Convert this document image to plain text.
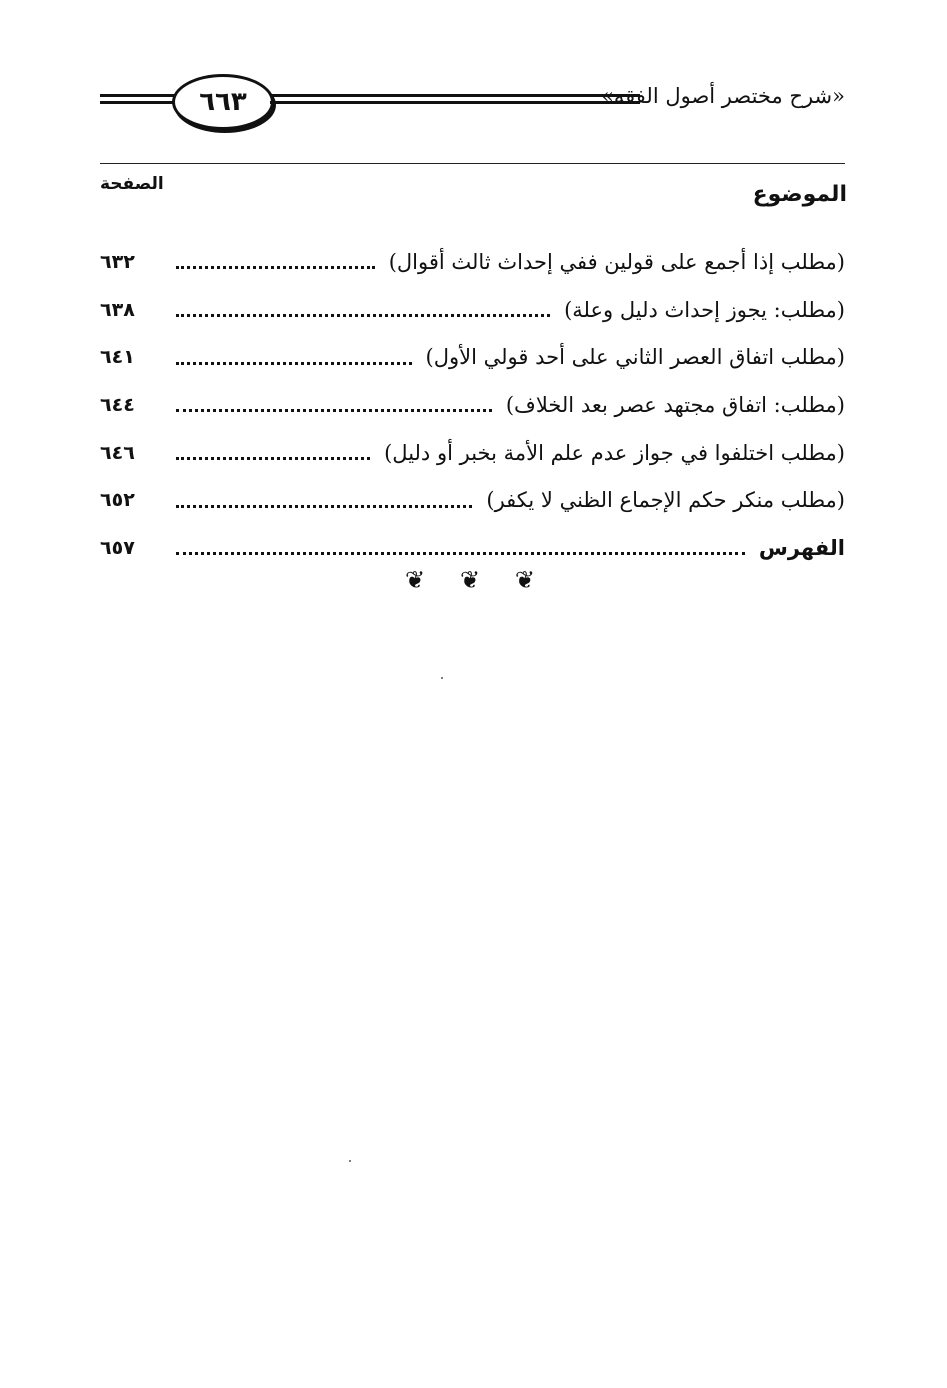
٦٦٣	«شرح مختصر أصول الفقه»
الموضوع
الصفحة
(مطلب إذا أجمع على قولين ففي إحداث ثالث أقوال)
٦٣٢
(مطلب: يجوز إحداث دليل وعلة)
٦٣٨
(مطلب اتفاق العصر الثاني على أحد قولي الأول)
٦٤١
(مطلب: اتفاق مجتهد عصر بعد الخلاف)
٦٤٤
(مطلب اختلفوا في جواز عدم علم الأمة بخبر أو دليل)
٦٤٦
(مطلب منكر حكم الإجماع الظني لا يكفر)
٦٥٢
الفهرس
٦٥٧
❦ ❦ ❦
